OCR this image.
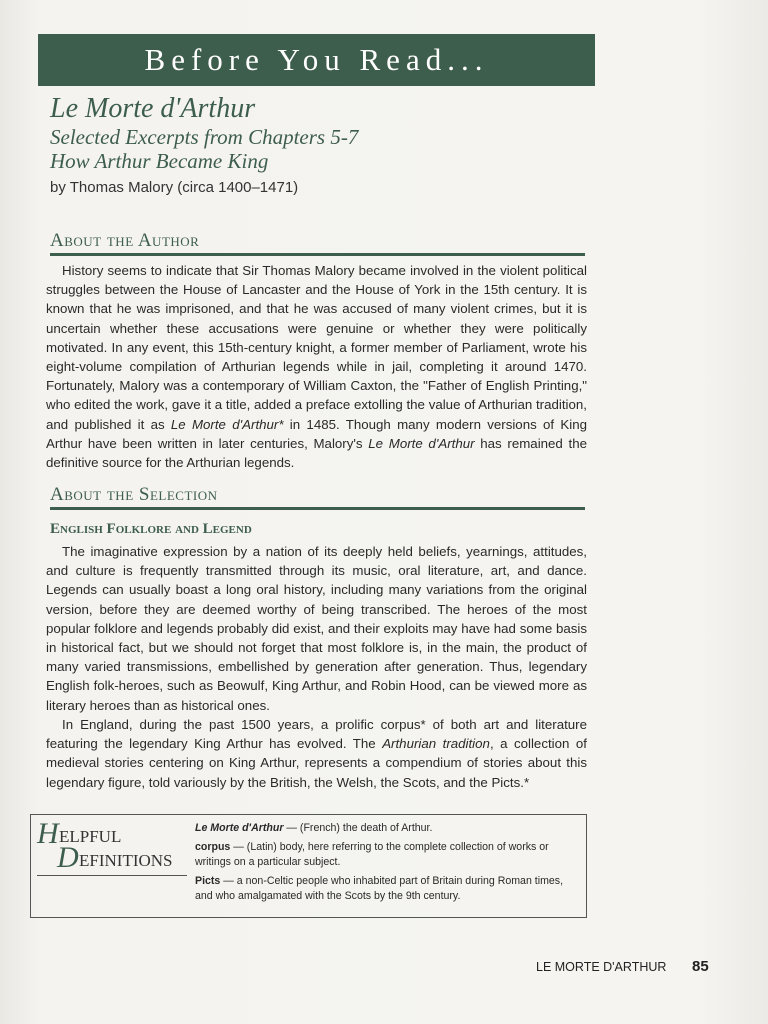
Before You Read...
Le Morte d'Arthur
Selected Excerpts from Chapters 5-7
How Arthur Became King
by Thomas Malory (circa 1400–1471)
About the Author
History seems to indicate that Sir Thomas Malory became involved in the violent political struggles between the House of Lancaster and the House of York in the 15th century. It is known that he was imprisoned, and that he was accused of many violent crimes, but it is uncertain whether these accusations were genuine or whether they were politically motivated. In any event, this 15th-century knight, a former member of Parliament, wrote his eight-volume compilation of Arthurian legends while in jail, completing it around 1470. Fortunately, Malory was a contemporary of William Caxton, the "Father of English Printing," who edited the work, gave it a title, added a preface extolling the value of Arthurian tradition, and published it as Le Morte d'Arthur* in 1485. Though many modern versions of King Arthur have been written in later centuries, Malory's Le Morte d'Arthur has remained the definitive source for the Arthurian legends.
About the Selection
English Folklore and Legend
The imaginative expression by a nation of its deeply held beliefs, yearnings, attitudes, and culture is frequently transmitted through its music, oral literature, art, and dance. Legends can usually boast a long oral history, including many variations from the original version, before they are deemed worthy of being transcribed. The heroes of the most popular folklore and legends probably did exist, and their exploits may have had some basis in historical fact, but we should not forget that most folklore is, in the main, the product of many varied transmissions, embellished by generation after generation. Thus, legendary English folk-heroes, such as Beowulf, King Arthur, and Robin Hood, can be viewed more as literary heroes than as historical ones.
In England, during the past 1500 years, a prolific corpus* of both art and literature featuring the legendary King Arthur has evolved. The Arthurian tradition, a collection of medieval stories centering on King Arthur, represents a compendium of stories about this legendary figure, told variously by the British, the Welsh, the Scots, and the Picts.*
H ELPFUL
D EFINITIONS
Le Morte d'Arthur — (French) the death of Arthur.
corpus — (Latin) body, here referring to the complete collection of works or writings on a particular subject.
Picts — a non-Celtic people who inhabited part of Britain during Roman times, and who amalgamated with the Scots by the 9th century.
LE MORTE D'ARTHUR 85
